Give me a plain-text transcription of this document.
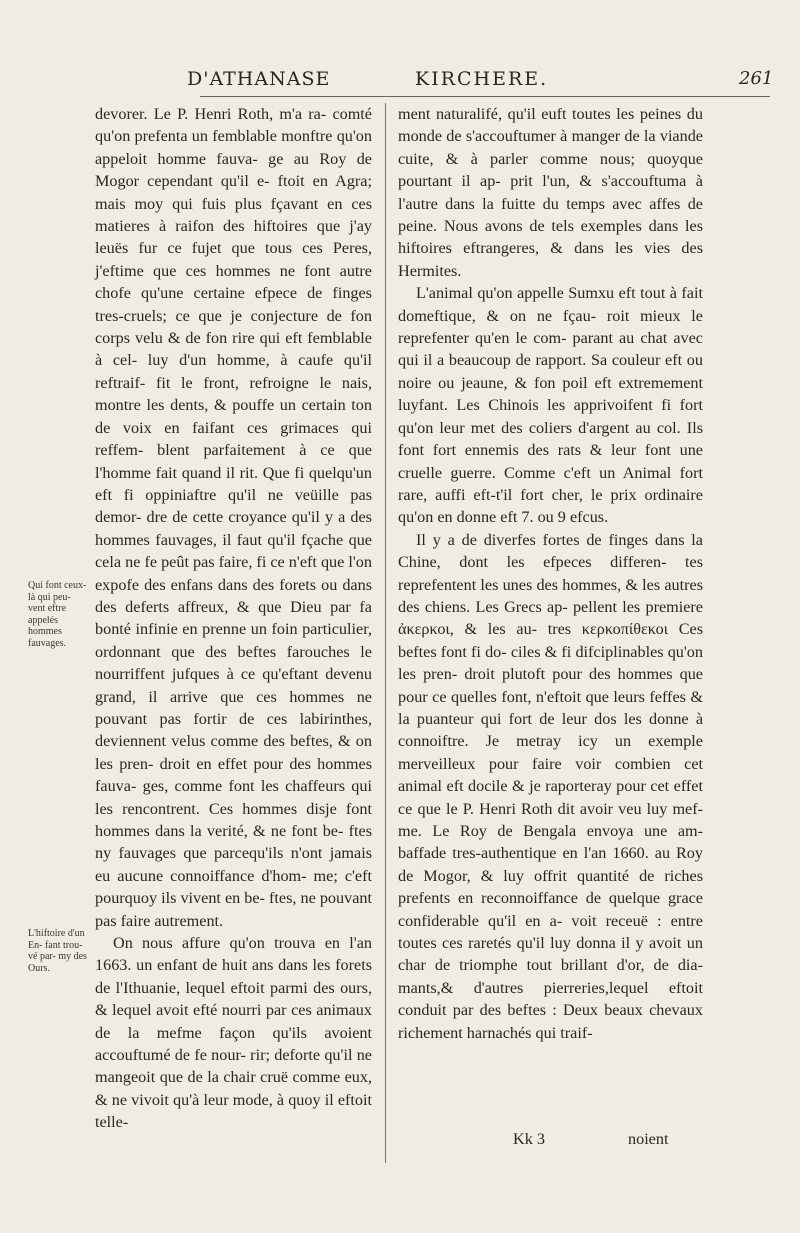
D'ATHANASE	KIRCHERE.	261
Qui font ceux-là qui peu- vent eftre appelés hommes fauvages.
L'hiftoire d'un En- fant trou- vé par- my des Ours.

devorer. Le P. Henri Roth, m'a ra- comté qu'on prefenta un femblable monftre qu'on appeloit homme fauva- ge au Roy de Mogor cependant qu'il e- ftoit en Agra; mais moy qui fuis plus fçavant en ces matieres à raifon des hiftoires que j'ay leuës fur ce fujet que tous ces Peres, j'eftime que ces hommes ne font autre chofe qu'une certaine efpece de finges tres-cruels; ce que je conjecture de fon corps velu & de fon rire qui eft femblable à cel- luy d'un homme, à caufe qu'il reftraif- fit le front, refroigne le nais, montre les dents, & pouffe un certain ton de voix en faifant ces grimaces qui reffem- blent parfaitement à ce que l'homme fait quand il rit. Que fi quelqu'un eft fi oppiniaftre qu'il ne veüille pas demor- dre de cette croyance qu'il y a des hommes fauvages, il faut qu'il fçache que cela ne fe peût pas faire, fi ce n'eft que l'on expofe des enfans dans des forets ou dans des deferts affreux, & que Dieu par fa bonté infinie en prenne un foin particulier, ordonnant que des beftes farouches le nourriffent jufques à ce qu'eftant devenu grand, il arrive que ces hommes ne pouvant pas fortir de ces labirinthes, deviennent velus comme des beftes, & on les pren- droit en effet pour des hommes fauva- ges, comme font les chaffeurs qui les rencontrent. Ces hommes disje font hommes dans la verité, & ne font be- ftes ny fauvages que parcequ'ils n'ont jamais eu aucune connoiffance d'hom- me; c'eft pourquoy ils vivent en be- ftes, ne pouvant pas faire autrement.

On nous affure qu'on trouva en l'an 1663. un enfant de huit ans dans les forets de l'Ithuanie, lequel eftoit parmi des ours, & lequel avoit efté nourri par ces animaux de la mefme façon qu'ils avoient accouftumé de fe nour- rir; deforte qu'il ne mangeoit que de la chair cruë comme eux, & ne vivoit qu'à leur mode, à quoy il eftoit telle-

ment naturalifé, qu'il euft toutes les peines du monde de s'accouftumer à manger de la viande cuite, & à parler comme nous; quoyque pourtant il ap- prit l'un, & s'accouftuma à l'autre dans la fuitte du temps avec affes de peine. Nous avons de tels exemples dans les hiftoires eftrangeres, & dans les vies des Hermites.

L'animal qu'on appelle Sumxu eft tout à fait domeftique, & on ne fçau- roit mieux le reprefenter qu'en le com- parant au chat avec qui il a beaucoup de rapport. Sa couleur eft ou noire ou jeaune, & fon poil eft extremement luyfant. Les Chinois les apprivoifent fi fort qu'on leur met des coliers d'argent au col. Ils font fort ennemis des rats & leur font une cruelle guerre. Comme c'eft un Animal fort rare, auffi eft-t'il fort cher, le prix ordinaire qu'on en donne eft 7. ou 9 efcus.

Il y a de diverfes fortes de finges dans la Chine, dont les efpeces differen- tes reprefentent les unes des hommes, & les autres des chiens. Les Grecs ap- pellent les premiere ἀκερκοι, & les au- tres κερκοπίθεκοι Ces beftes font fi do- ciles & fi difciplinables qu'on les pren- droit plutoft pour des hommes que pour ce quelles font, n'eftoit que leurs feffes & la puanteur qui fort de leur dos les donne à connoiftre. Je metray icy un exemple merveilleux pour faire voir combien cet animal eft docile & je raporteray pour cet effet ce que le P. Henri Roth dit avoir veu luy mef- me. Le Roy de Bengala envoya une am- baffade tres-authentique en l'an 1660. au Roy de Mogor, & luy offrit quantité de riches prefents en reconnoiffance de quelque grace confiderable qu'il en a- voit receuë : entre toutes ces raretés qu'il luy donna il y avoit un char de triomphe tout brillant d'or, de dia- mants,& d'autres pierreries,lequel eftoit conduit par des beftes : Deux beaux chevaux richement harnachés qui traif-

Kk 3	noient
